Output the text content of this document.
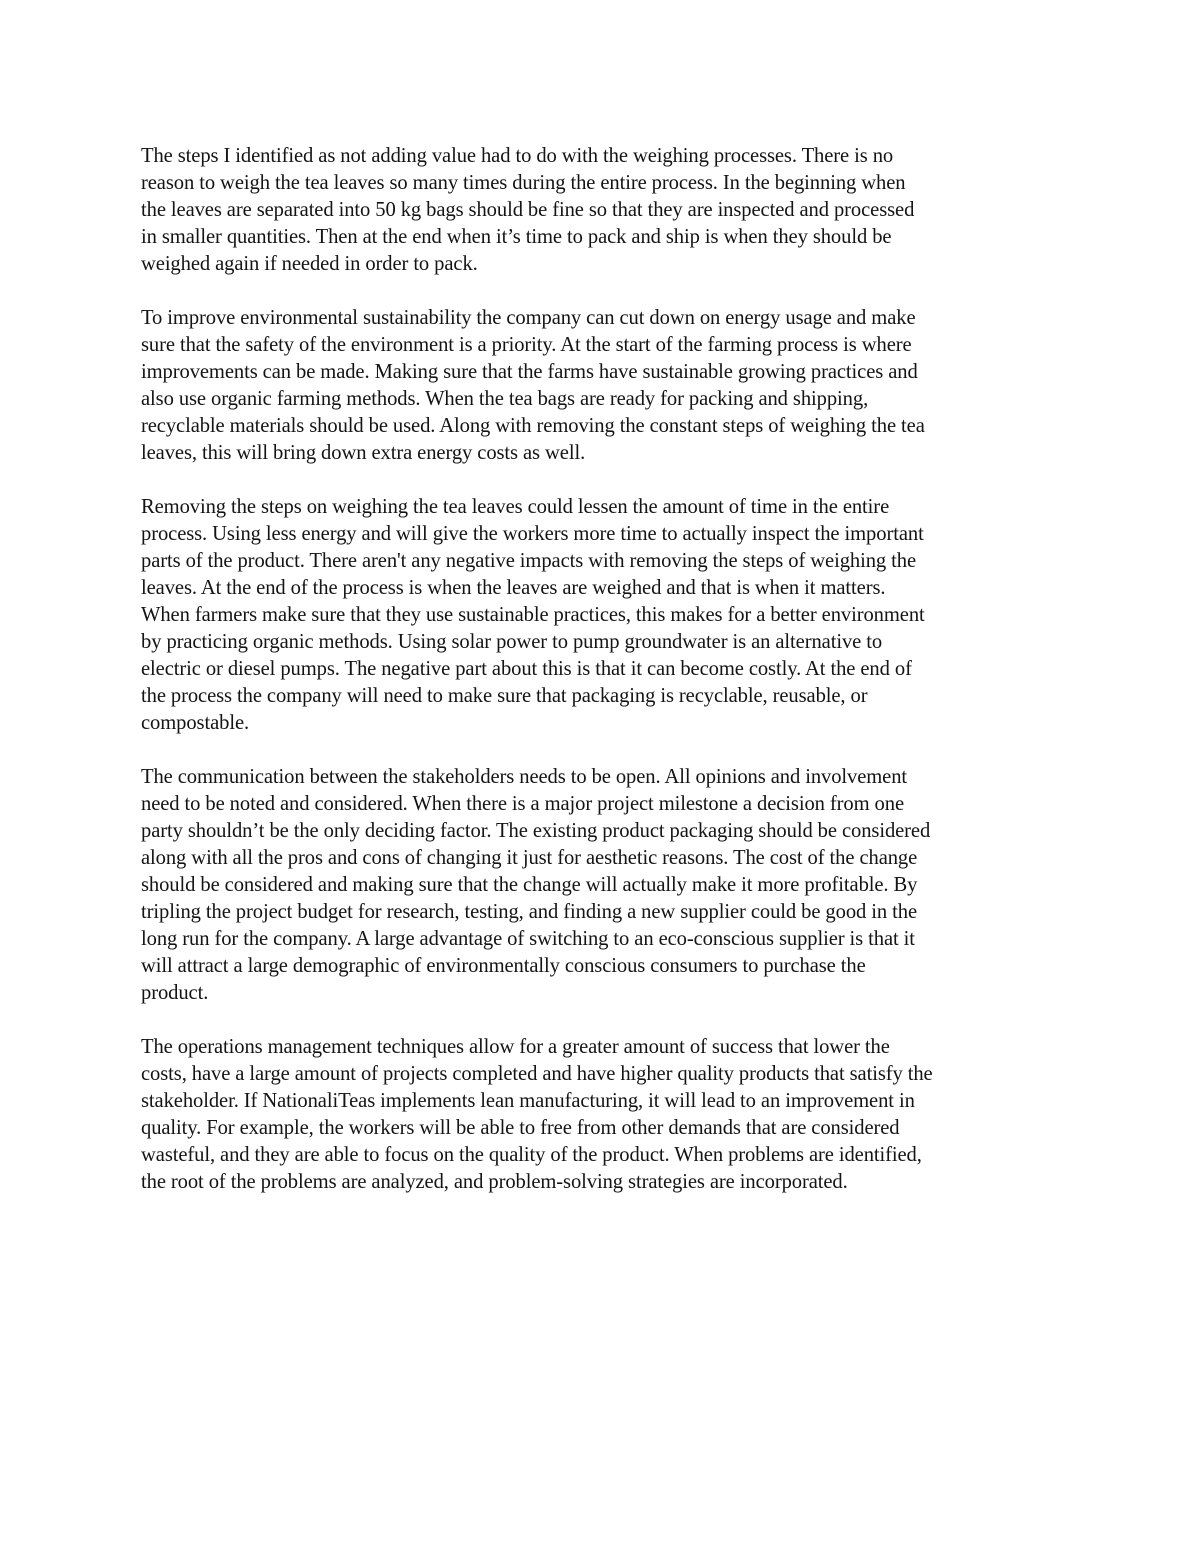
The steps I identified as not adding value had to do with the weighing processes. There is no
reason to weigh the tea leaves so many times during the entire process. In the beginning when
the leaves are separated into 50 kg bags should be fine so that they are inspected and processed
in smaller quantities. Then at the end when it’s time to pack and ship is when they should be
weighed again if needed in order to pack.

To improve environmental sustainability the company can cut down on energy usage and make
sure that the safety of the environment is a priority. At the start of the farming process is where
improvements can be made. Making sure that the farms have sustainable growing practices and
also use organic farming methods. When the tea bags are ready for packing and shipping,
recyclable materials should be used. Along with removing the constant steps of weighing the tea
leaves, this will bring down extra energy costs as well.

Removing the steps on weighing the tea leaves could lessen the amount of time in the entire
process. Using less energy and will give the workers more time to actually inspect the important
parts of the product. There aren't any negative impacts with removing the steps of weighing the
leaves. At the end of the process is when the leaves are weighed and that is when it matters.
When farmers make sure that they use sustainable practices, this makes for a better environment
by practicing organic methods. Using solar power to pump groundwater is an alternative to
electric or diesel pumps. The negative part about this is that it can become costly. At the end of
the process the company will need to make sure that packaging is recyclable, reusable, or
compostable.

The communication between the stakeholders needs to be open. All opinions and involvement
need to be noted and considered. When there is a major project milestone a decision from one
party shouldn’t be the only deciding factor. The existing product packaging should be considered
along with all the pros and cons of changing it just for aesthetic reasons. The cost of the change
should be considered and making sure that the change will actually make it more profitable. By
tripling the project budget for research, testing, and finding a new supplier could be good in the
long run for the company. A large advantage of switching to an eco-conscious supplier is that it
will attract a large demographic of environmentally conscious consumers to purchase the
product.

The operations management techniques allow for a greater amount of success that lower the
costs, have a large amount of projects completed and have higher quality products that satisfy the
stakeholder. If NationaliTeas implements lean manufacturing, it will lead to an improvement in
quality. For example, the workers will be able to free from other demands that are considered
wasteful, and they are able to focus on the quality of the product. When problems are identified,
the root of the problems are analyzed, and problem-solving strategies are incorporated.
